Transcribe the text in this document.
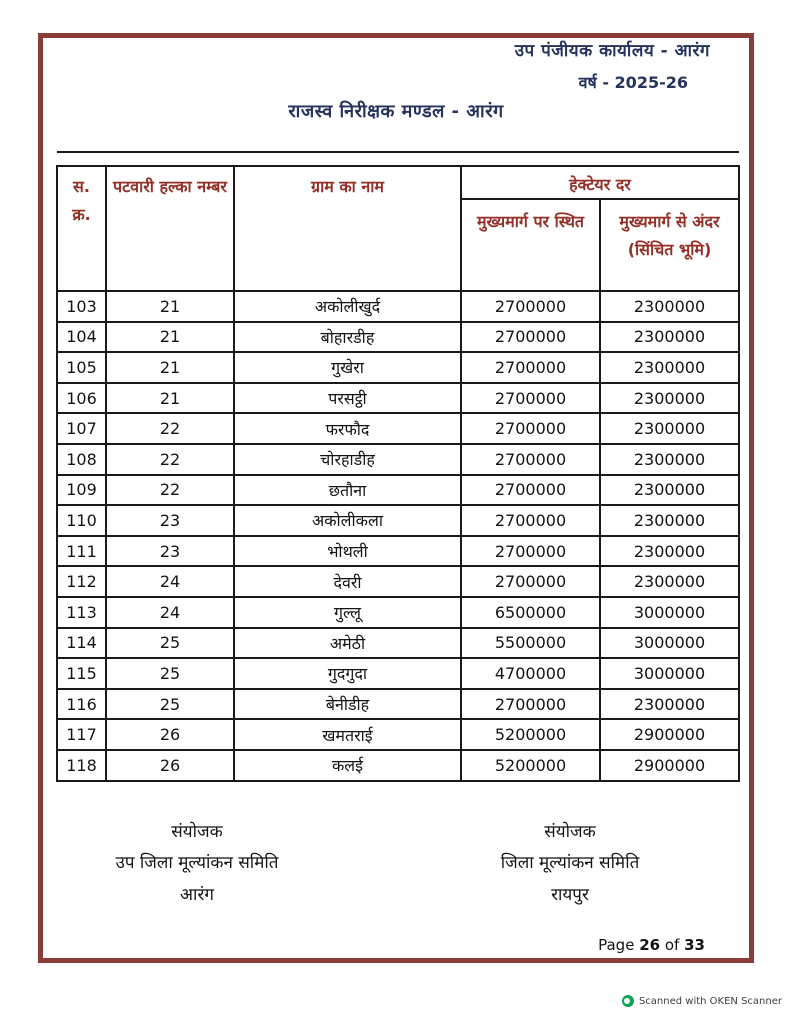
उप पंजीयक कार्यालय - आरंग
वर्ष - 2025-26
राजस्व निरीक्षक मण्डल - आरंग
स.
क्र.	पटवारी हल्का नम्बर	ग्राम का नाम	हेक्टेयर दर	
			मुख्यमार्ग पर स्थित	मुख्यमार्ग से अंदर (सिंचित भूमि)
103	21	अकोलीखुर्द	2700000	2300000
104	21	बोहारडीह	2700000	2300000
105	21	गुखेरा	2700000	2300000
106	21	परसट्ठी	2700000	2300000
107	22	फरफौद	2700000	2300000
108	22	चोरहाडीह	2700000	2300000
109	22	छतौना	2700000	2300000
110	23	अकोलीकला	2700000	2300000
111	23	भोथली	2700000	2300000
112	24	देवरी	2700000	2300000
113	24	गुल्लू	6500000	3000000
114	25	अमेठी	5500000	3000000
115	25	गुदगुदा	4700000	3000000
116	25	बेनीडीह	2700000	2300000
117	26	खमतराई	5200000	2900000
118	26	कलई	5200000	2900000
संयोजक
उप जिला मूल्यांकन समिति
आरंग
संयोजक
जिला मूल्यांकन समिति
रायपुर
Page 26 of 33
Scanned with OKEN Scanner
